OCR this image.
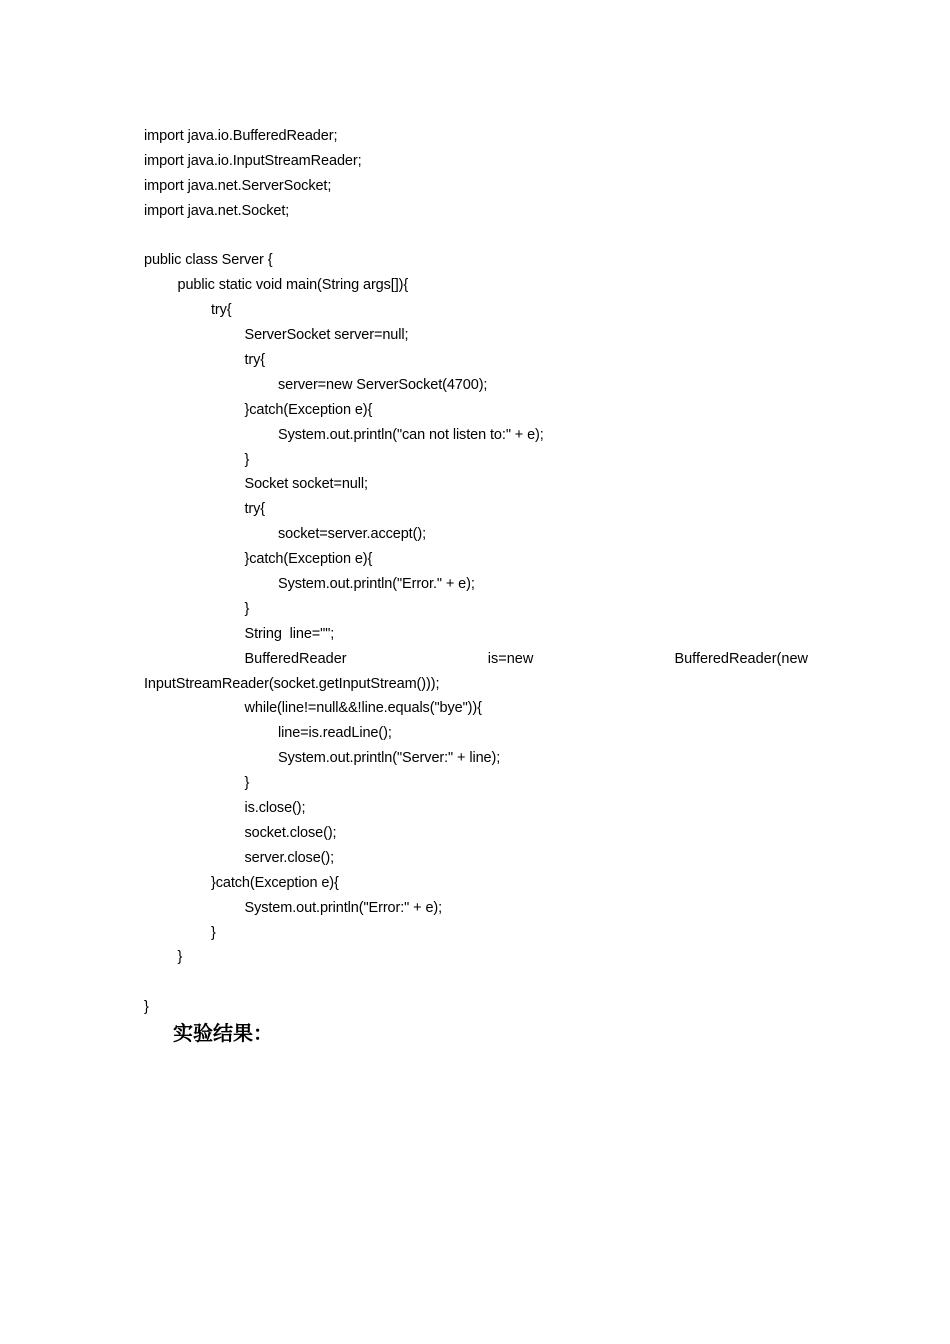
import java.io.BufferedReader;
import java.io.InputStreamReader;
import java.net.ServerSocket;
import java.net.Socket;
public class Server {
public static void main(String args[]){
try{
ServerSocket server=null;
try{
server=new ServerSocket(4700);
}catch(Exception e){
System.out.println("can not listen to:" + e);
}
Socket socket=null;
try{
socket=server.accept();
}catch(Exception e){
System.out.println("Error." + e);
}
String  line="";
BufferedReader	is=new	BufferedReader(new
InputStreamReader(socket.getInputStream()));
while(line!=null&&!line.equals("bye")){
line=is.readLine();
System.out.println("Server:" + line);
}
is.close();
socket.close();
server.close();
}catch(Exception e){
System.out.println("Error:" + e);
}
}
}
实验结果：
